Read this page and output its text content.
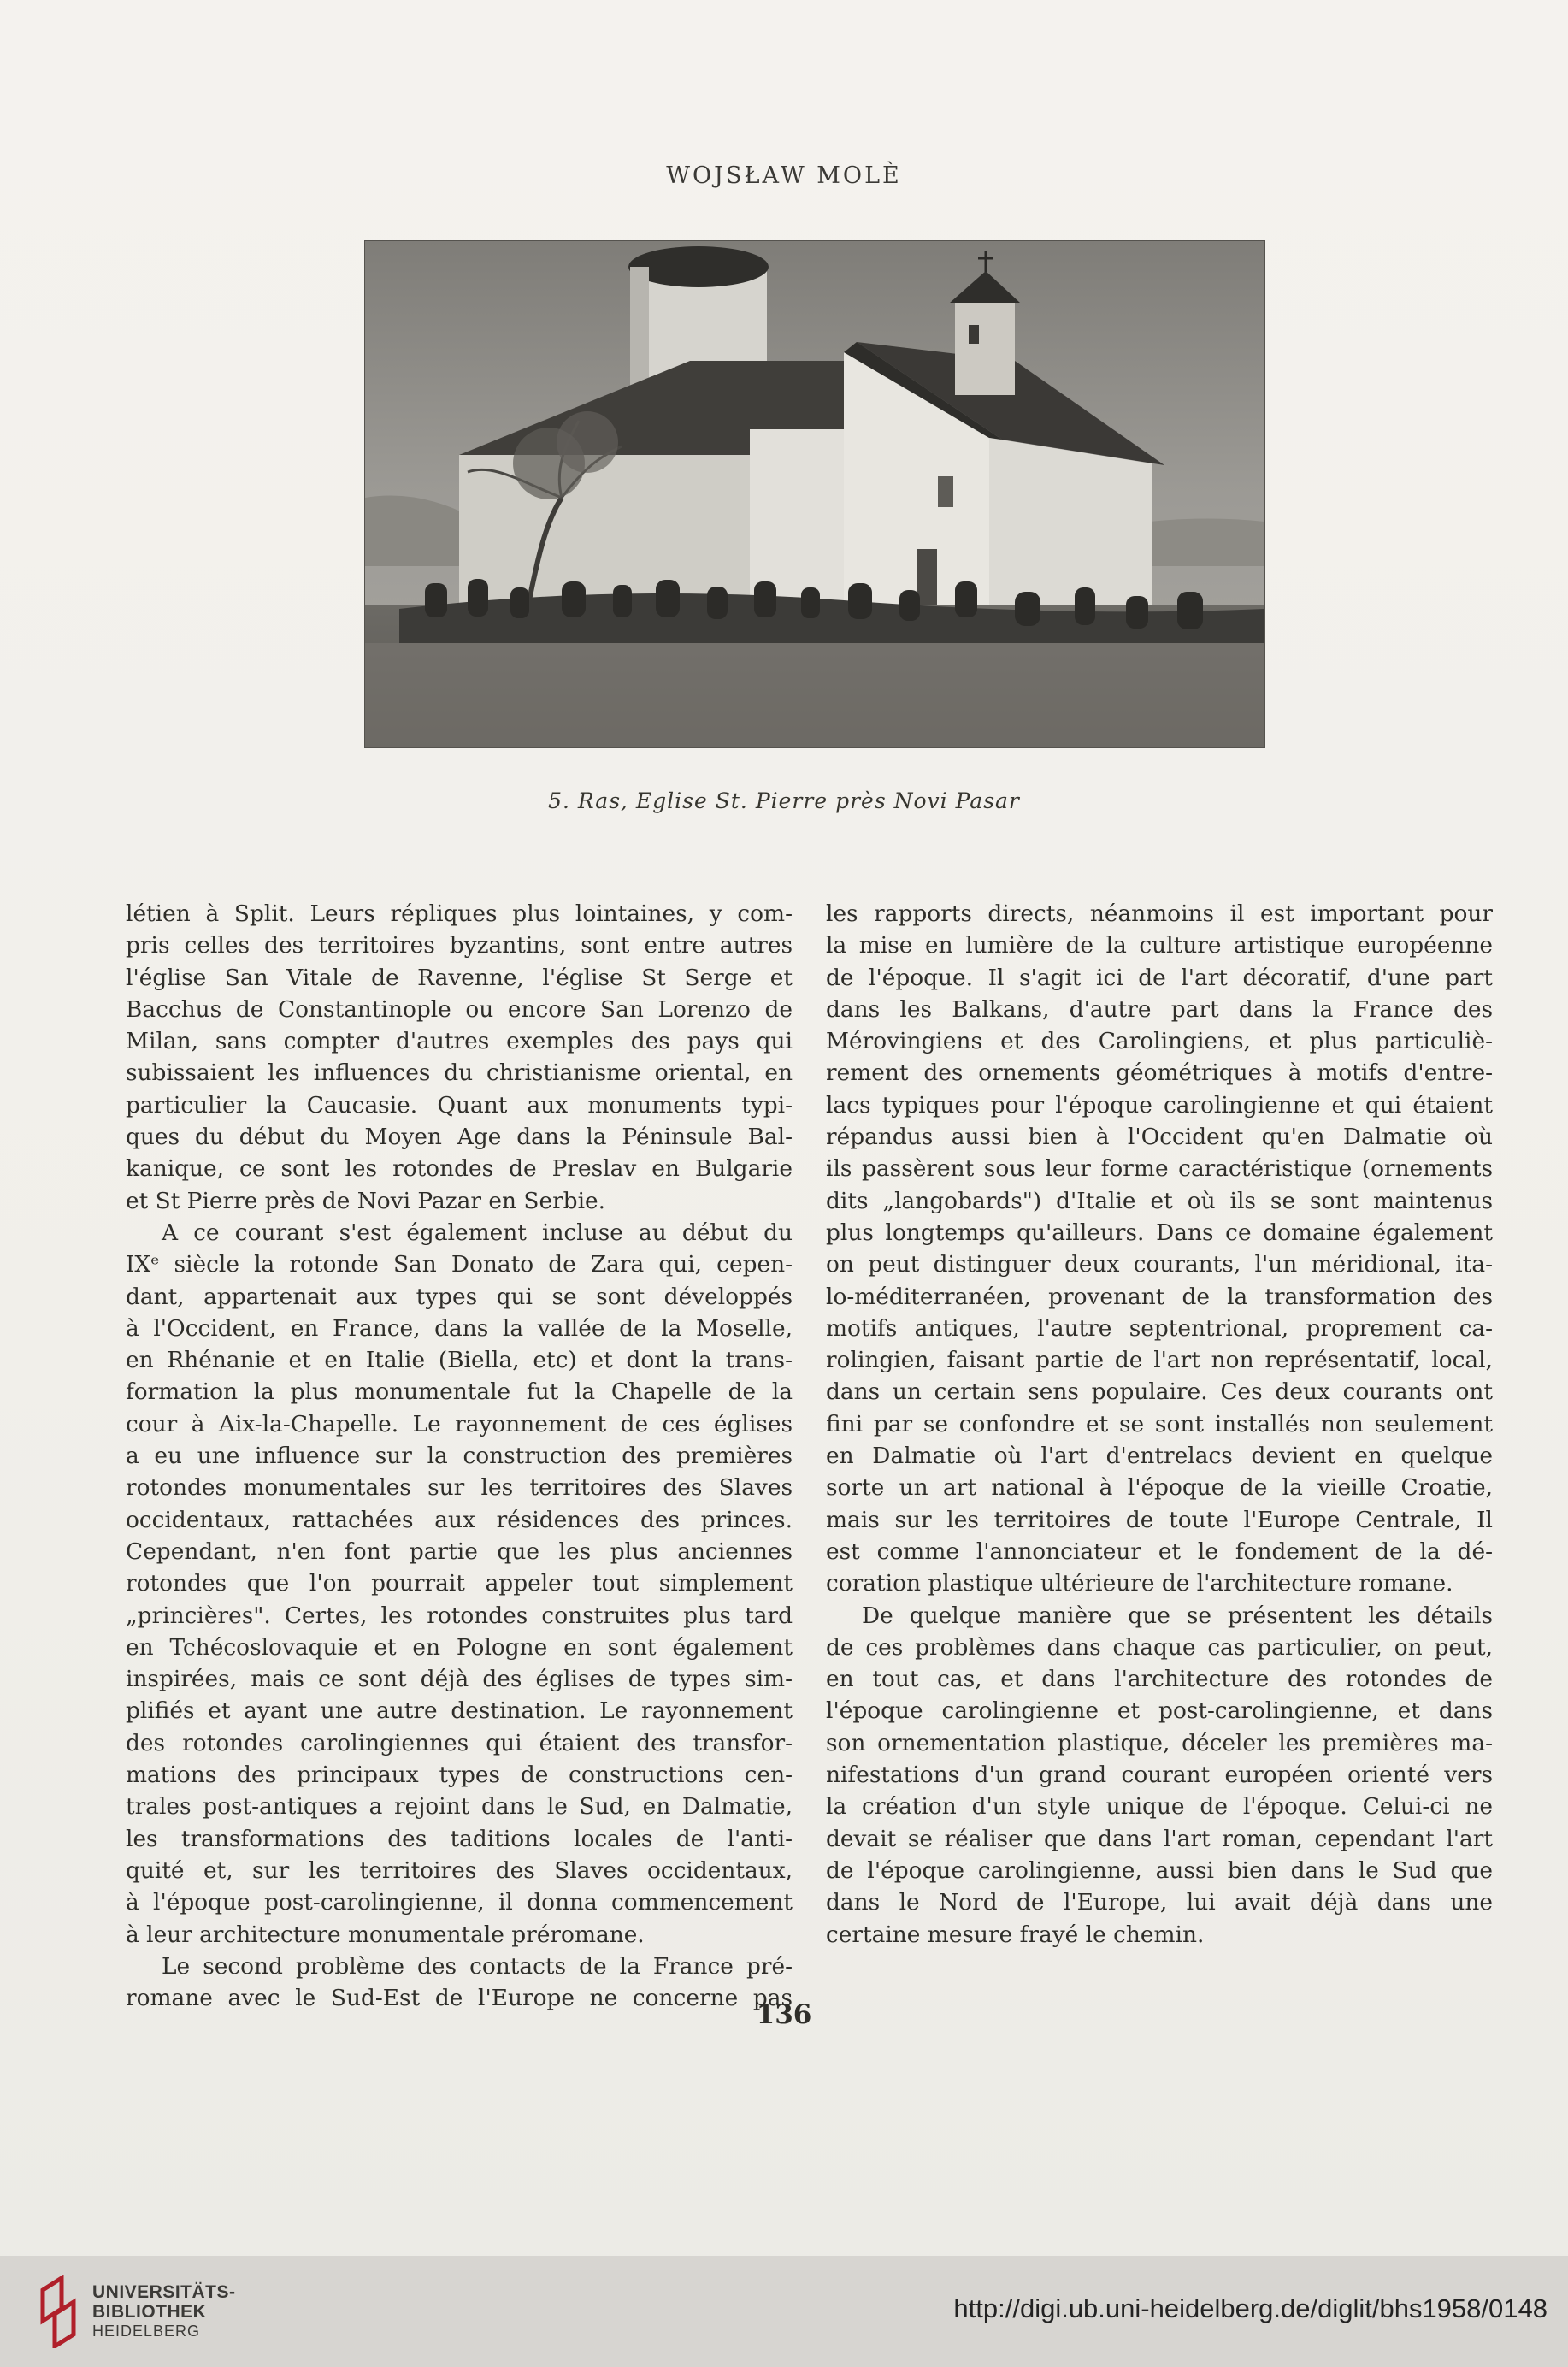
WOJSŁAW MOLÈ
5. Ras, Eglise St. Pierre près Novi Pasar
létien à Split. Leurs répliques plus lointaines, y com-
pris celles des territoires byzantins, sont entre autres
l'église San Vitale de Ravenne, l'église St Serge et
Bacchus de Constantinople ou encore San Lorenzo de
Milan, sans compter d'autres exemples des pays qui
subissaient les influences du christianisme oriental, en
particulier la Caucasie. Quant aux monuments typi-
ques du début du Moyen Age dans la Péninsule Bal-
kanique, ce sont les rotondes de Preslav en Bulgarie
et St Pierre près de Novi Pazar en Serbie.
A ce courant s'est également incluse au début du
IXᵉ siècle la rotonde San Donato de Zara qui, cepen-
dant, appartenait aux types qui se sont développés
à l'Occident, en France, dans la vallée de la Moselle,
en Rhénanie et en Italie (Biella, etc) et dont la trans-
formation la plus monumentale fut la Chapelle de la
cour à Aix-la-Chapelle. Le rayonnement de ces églises
a eu une influence sur la construction des premières
rotondes monumentales sur les territoires des Slaves
occidentaux, rattachées aux résidences des princes.
Cependant, n'en font partie que les plus anciennes
rotondes que l'on pourrait appeler tout simplement
„princières". Certes, les rotondes construites plus tard
en Tchécoslovaquie et en Pologne en sont également
inspirées, mais ce sont déjà des églises de types sim-
plifiés et ayant une autre destination. Le rayonnement
des rotondes carolingiennes qui étaient des transfor-
mations des principaux types de constructions cen-
trales post-antiques a rejoint dans le Sud, en Dalmatie,
les transformations des taditions locales de l'anti-
quité et, sur les territoires des Slaves occidentaux,
à l'époque post-carolingienne, il donna commencement
à leur architecture monumentale préromane.
Le second problème des contacts de la France pré-
romane avec le Sud-Est de l'Europe ne concerne pas
les rapports directs, néanmoins il est important pour
la mise en lumière de la culture artistique européenne
de l'époque. Il s'agit ici de l'art décoratif, d'une part
dans les Balkans, d'autre part dans la France des
Mérovingiens et des Carolingiens, et plus particuliè-
rement des ornements géométriques à motifs d'entre-
lacs typiques pour l'époque carolingienne et qui étaient
répandus aussi bien à l'Occident qu'en Dalmatie où
ils passèrent sous leur forme caractéristique (ornements
dits „langobards") d'Italie et où ils se sont maintenus
plus longtemps qu'ailleurs. Dans ce domaine également
on peut distinguer deux courants, l'un méridional, ita-
lo-méditerranéen, provenant de la transformation des
motifs antiques, l'autre septentrional, proprement ca-
rolingien, faisant partie de l'art non représentatif, local,
dans un certain sens populaire. Ces deux courants ont
fini par se confondre et se sont installés non seulement
en Dalmatie où l'art d'entrelacs devient en quelque
sorte un art national à l'époque de la vieille Croatie,
mais sur les territoires de toute l'Europe Centrale, Il
est comme l'annonciateur et le fondement de la dé-
coration plastique ultérieure de l'architecture romane.
De quelque manière que se présentent les détails
de ces problèmes dans chaque cas particulier, on peut,
en tout cas, et dans l'architecture des rotondes de
l'époque carolingienne et post-carolingienne, et dans
son ornementation plastique, déceler les premières ma-
nifestations d'un grand courant européen orienté vers
la création d'un style unique de l'époque. Celui-ci ne
devait se réaliser que dans l'art roman, cependant l'art
de l'époque carolingienne, aussi bien dans le Sud que
dans le Nord de l'Europe, lui avait déjà dans une
certaine mesure frayé le chemin.
136
UNIVERSITÄTS-
BIBLIOTHEK
HEIDELBERG
http://digi.ub.uni-heidelberg.de/diglit/bhs1958/0148
